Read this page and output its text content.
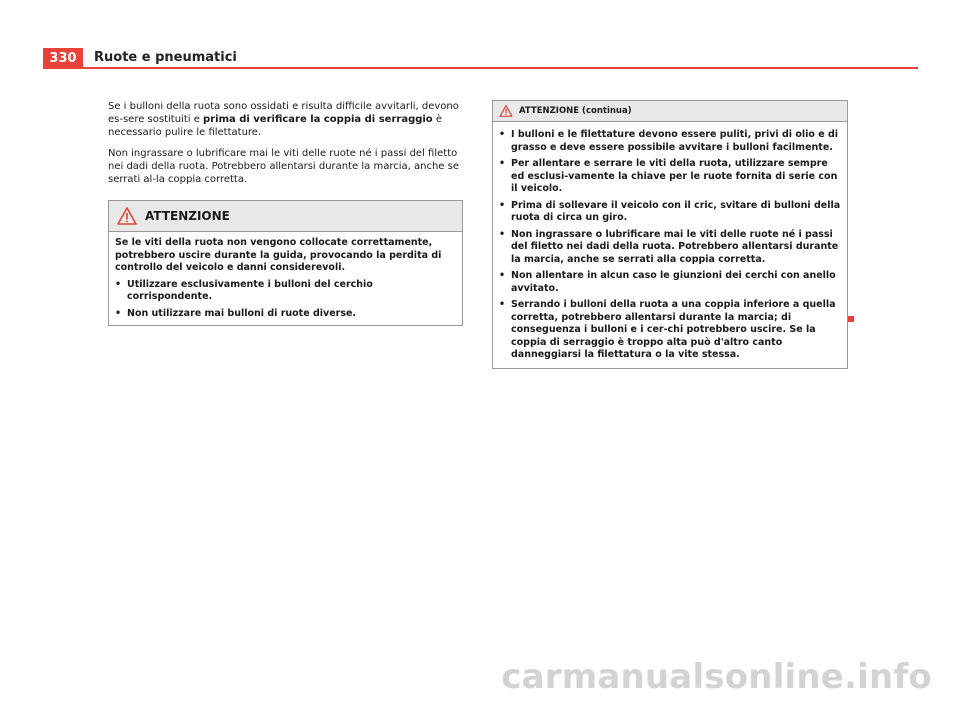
330	Ruote e pneumatici

Se i bulloni della ruota sono ossidati e risulta difficile avvitarli, devono es-sere sostituiti e prima di verificare la coppia di serraggio è necessario pulire le filettature.

Non ingrassare o lubrificare mai le viti delle ruote né i passi del filetto nei dadi della ruota. Potrebbero allentarsi durante la marcia, anche se serrati al-la coppia corretta.

ATTENZIONE

Se le viti della ruota non vengono collocate correttamente, potrebbero uscire durante la guida, provocando la perdita di controllo del veicolo e danni considerevoli.

• Utilizzare esclusivamente i bulloni del cerchio corrispondente.
• Non utilizzare mai bulloni di ruote diverse.
ATTENZIONE (continua)
• I bulloni e le filettature devono essere puliti, privi di olio e di grasso e deve essere possibile avvitare i bulloni facilmente.
• Per allentare e serrare le viti della ruota, utilizzare sempre ed esclusi-vamente la chiave per le ruote fornita di serie con il veicolo.
• Prima di sollevare il veicolo con il cric, svitare di bulloni della ruota di circa un giro.
• Non ingrassare o lubrificare mai le viti delle ruote né i passi del filetto nei dadi della ruota. Potrebbero allentarsi durante la marcia, anche se serrati alla coppia corretta.
• Non allentare in alcun caso le giunzioni dei cerchi con anello avvitato.
• Serrando i bulloni della ruota a una coppia inferiore a quella corretta, potrebbero allentarsi durante la marcia; di conseguenza i bulloni e i cer-chi potrebbero uscire. Se la coppia di serraggio è troppo alta può d'altro canto danneggiarsi la filettatura o la vite stessa.
carmanualsonline.info
